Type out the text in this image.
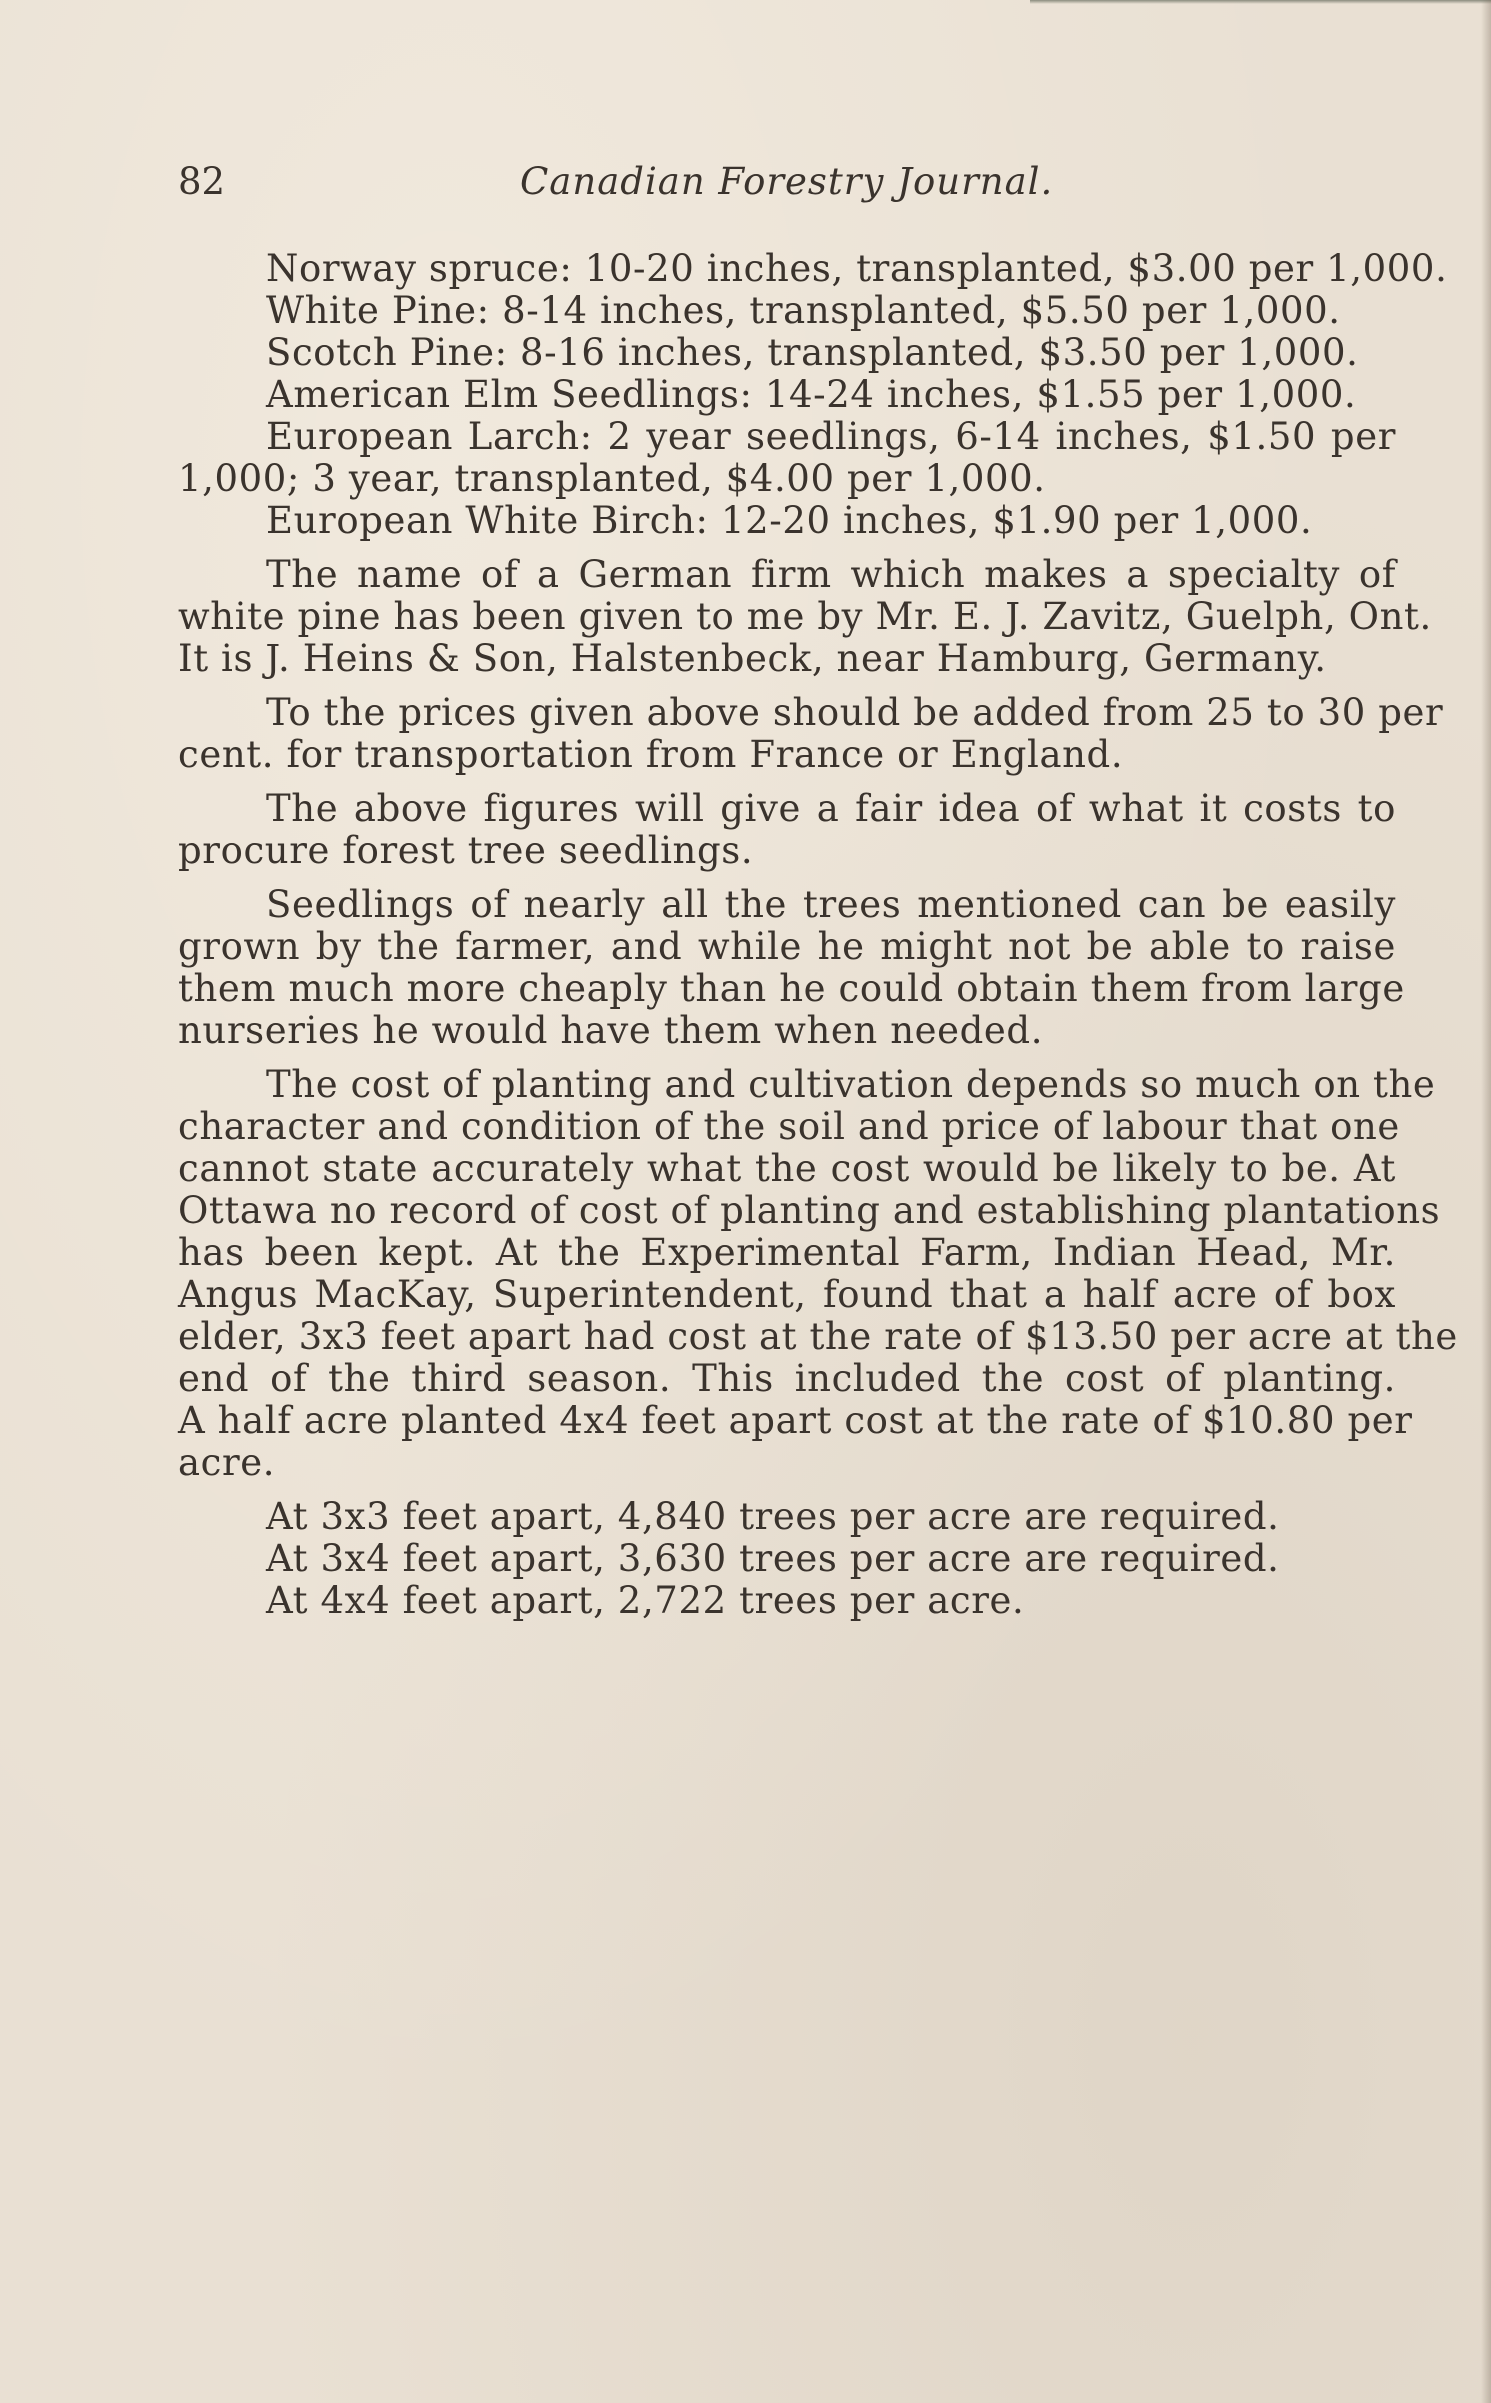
82	Canadian Forestry Journal.

Norway spruce: 10-20 inches, transplanted, $3.00 per 1,000.

White Pine: 8-14 inches, transplanted, $5.50 per 1,000.

Scotch Pine: 8-16 inches, transplanted, $3.50 per 1,000.

American Elm Seedlings: 14-24 inches, $1.55 per 1,000.

European Larch: 2 year seedlings, 6-14 inches, $1.50 per

1,000; 3 year, transplanted, $4.00 per 1,000.

European White Birch: 12-20 inches, $1.90 per 1,000.

The name of a German firm which makes a specialty of

white pine has been given to me by Mr. E. J. Zavitz, Guelph, Ont.

It is J. Heins & Son, Halstenbeck, near Hamburg, Germany.

To the prices given above should be added from 25 to 30 per

cent. for transportation from France or England.

The above figures will give a fair idea of what it costs to

procure forest tree seedlings.

Seedlings of nearly all the trees mentioned can be easily

grown by the farmer, and while he might not be able to raise

them much more cheaply than he could obtain them from large

nurseries he would have them when needed.

The cost of planting and cultivation depends so much on the

character and condition of the soil and price of labour that one

cannot state accurately what the cost would be likely to be. At

Ottawa no record of cost of planting and establishing plantations

has been kept. At the Experimental Farm, Indian Head, Mr.

Angus MacKay, Superintendent, found that a half acre of box

elder, 3x3 feet apart had cost at the rate of $13.50 per acre at the

end of the third season. This included the cost of planting.

A half acre planted 4x4 feet apart cost at the rate of $10.80 per

acre.

At 3x3 feet apart, 4,840 trees per acre are required.

At 3x4 feet apart, 3,630 trees per acre are required.

At 4x4 feet apart, 2,722 trees per acre.
